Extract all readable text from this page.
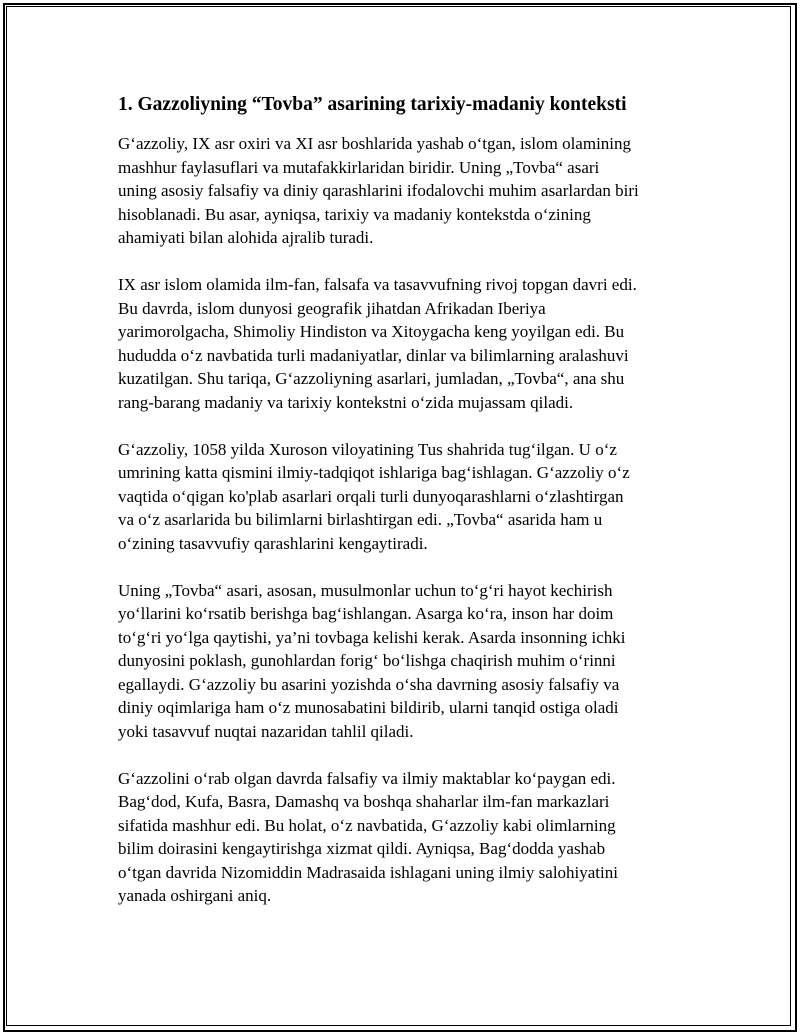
1. Gazzoliyning “Tovba” asarining tarixiy-madaniy konteksti

G‘azzoliy, IX asr oxiri va XI asr boshlarida yashab o‘tgan, islom olamining
mashhur faylasuflari va mutafakkirlaridan biridir. Uning „Tovba“ asari
uning asosiy falsafiy va diniy qarashlarini ifodalovchi muhim asarlardan biri
hisoblanadi. Bu asar, ayniqsa, tarixiy va madaniy kontekstda o‘zining
ahamiyati bilan alohida ajralib turadi.

IX asr islom olamida ilm-fan, falsafa va tasavvufning rivoj topgan davri edi.
Bu davrda, islom dunyosi geografik jihatdan Afrikadan Iberiya
yarimorolgacha, Shimoliy Hindiston va Xitoygacha keng yoyilgan edi. Bu
hududda o‘z navbatida turli madaniyatlar, dinlar va bilimlarning aralashuvi
kuzatilgan. Shu tariqa, G‘azzoliyning asarlari, jumladan, „Tovba“, ana shu
rang-barang madaniy va tarixiy kontekstni o‘zida mujassam qiladi.

G‘azzoliy, 1058 yilda Xuroson viloyatining Tus shahrida tug‘ilgan. U o‘z
umrining katta qismini ilmiy-tadqiqot ishlariga bag‘ishlagan. G‘azzoliy o‘z
vaqtida o‘qigan ko'plab asarlari orqali turli dunyoqarashlarni o‘zlashtirgan
va o‘z asarlarida bu bilimlarni birlashtirgan edi. „Tovba“ asarida ham u
o‘zining tasavvufiy qarashlarini kengaytiradi.

Uning „Tovba“ asari, asosan, musulmonlar uchun to‘g‘ri hayot kechirish
yo‘llarini ko‘rsatib berishga bag‘ishlangan. Asarga ko‘ra, inson har doim
to‘g‘ri yo‘lga qaytishi, ya’ni tovbaga kelishi kerak. Asarda insonning ichki
dunyosini poklash, gunohlardan forig‘ bo‘lishga chaqirish muhim o‘rinni
egallaydi. G‘azzoliy bu asarini yozishda o‘sha davrning asosiy falsafiy va
diniy oqimlariga ham o‘z munosabatini bildirib, ularni tanqid ostiga oladi
yoki tasavvuf nuqtai nazaridan tahlil qiladi.

G‘azzolini o‘rab olgan davrda falsafiy va ilmiy maktablar ko‘paygan edi.
Bag‘dod, Kufa, Basra, Damashq va boshqa shaharlar ilm-fan markazlari
sifatida mashhur edi. Bu holat, o‘z navbatida, G‘azzoliy kabi olimlarning
bilim doirasini kengaytirishga xizmat qildi. Ayniqsa, Bag‘dodda yashab
o‘tgan davrida Nizomiddin Madrasaida ishlagani uning ilmiy salohiyatini
yanada oshirgani aniq.
